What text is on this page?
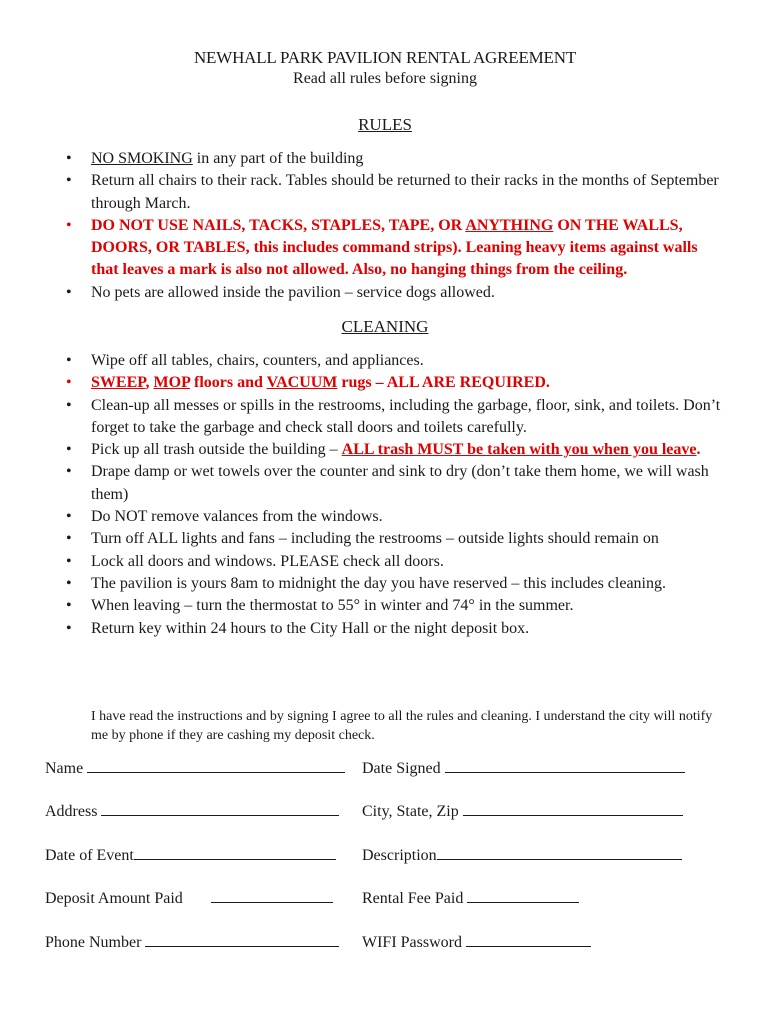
NEWHALL PARK PAVILION RENTAL AGREEMENT
Read all rules before signing
RULES
• NO SMOKING in any part of the building
• Return all chairs to their rack. Tables should be returned to their racks in the months of September through March.
• DO NOT USE NAILS, TACKS, STAPLES, TAPE, OR ANYTHING ON THE WALLS, DOORS, OR TABLES, this includes command strips). Leaning heavy items against walls that leaves a mark is also not allowed. Also, no hanging things from the ceiling.
• No pets are allowed inside the pavilion – service dogs allowed.
CLEANING
• Wipe off all tables, chairs, counters, and appliances.
• SWEEP, MOP floors and VACUUM rugs – ALL ARE REQUIRED.
• Clean-up all messes or spills in the restrooms, including the garbage, floor, sink, and toilets. Don’t forget to take the garbage and check stall doors and toilets carefully.
• Pick up all trash outside the building – ALL trash MUST be taken with you when you leave.
• Drape damp or wet towels over the counter and sink to dry (don’t take them home, we will wash them)
• Do NOT remove valances from the windows.
• Turn off ALL lights and fans – including the restrooms – outside lights should remain on
• Lock all doors and windows. PLEASE check all doors.
• The pavilion is yours 8am to midnight the day you have reserved – this includes cleaning.
• When leaving – turn the thermostat to 55° in winter and 74° in the summer.
• Return key within 24 hours to the City Hall or the night deposit box.
I have read the instructions and by signing I agree to all the rules and cleaning. I understand the city will notify me by phone if they are cashing my deposit check.
Name	Date Signed
Address	City, State, Zip
Date of Event	Description
Deposit Amount Paid	Rental Fee Paid
Phone Number	WIFI Password
